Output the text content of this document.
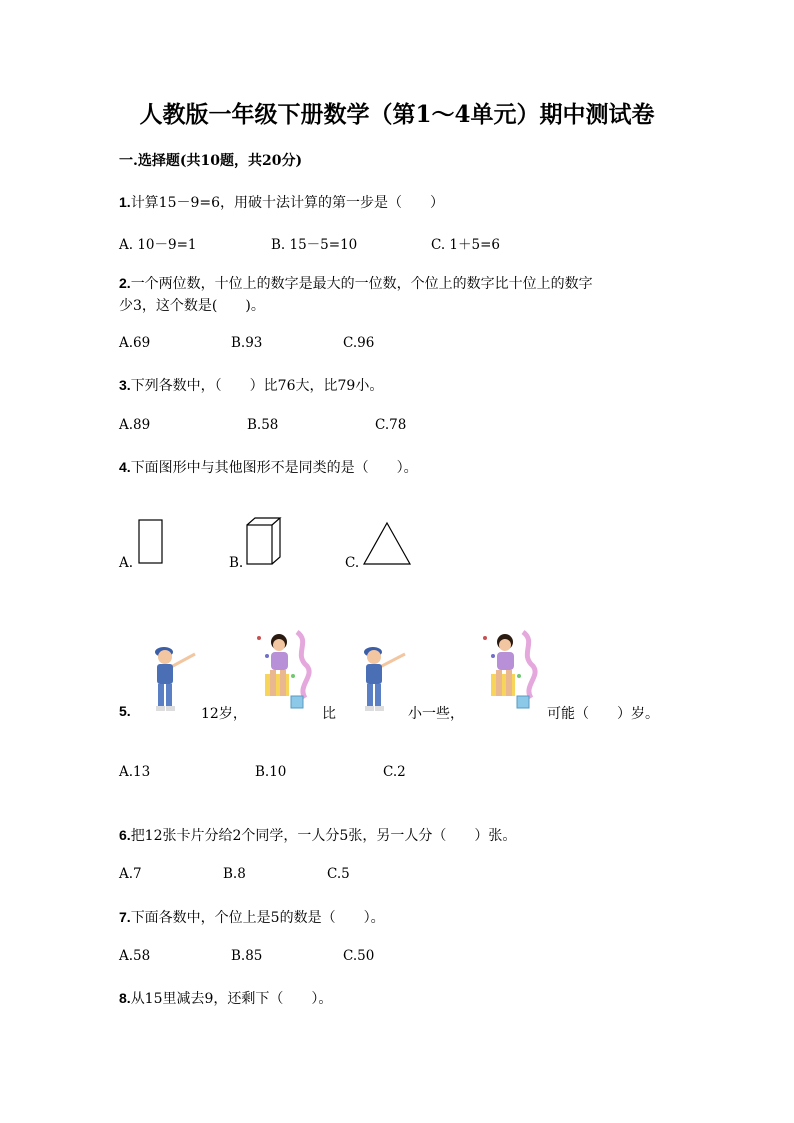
人教版一年级下册数学（第1～4单元）期中测试卷
一.选择题(共10题，共20分)
1.计算15－9=6，用破十法计算的第一步是（　　）
A. 10－9=1	B. 15－5=10	C. 1＋5=6
2.一个两位数，十位上的数字是最大的一位数，个位上的数字比十位上的数字
少3，这个数是(　　)。
A.69	B.93	C.96
3.下列各数中，（　　）比76大，比79小。
A.89	B.58	C.78
4.下面图形中与其他图形不是同类的是（　　）。
A.	B.	C.
5.	12岁，	比	小一些，	可能（　　）岁。
A.13	B.10	C.2
6.把12张卡片分给2个同学，一人分5张，另一人分（　　）张。
A.7	B.8	C.5
7.下面各数中，个位上是5的数是（　　）。
A.58	B.85	C.50
8.从15里减去9，还剩下（　　）。
